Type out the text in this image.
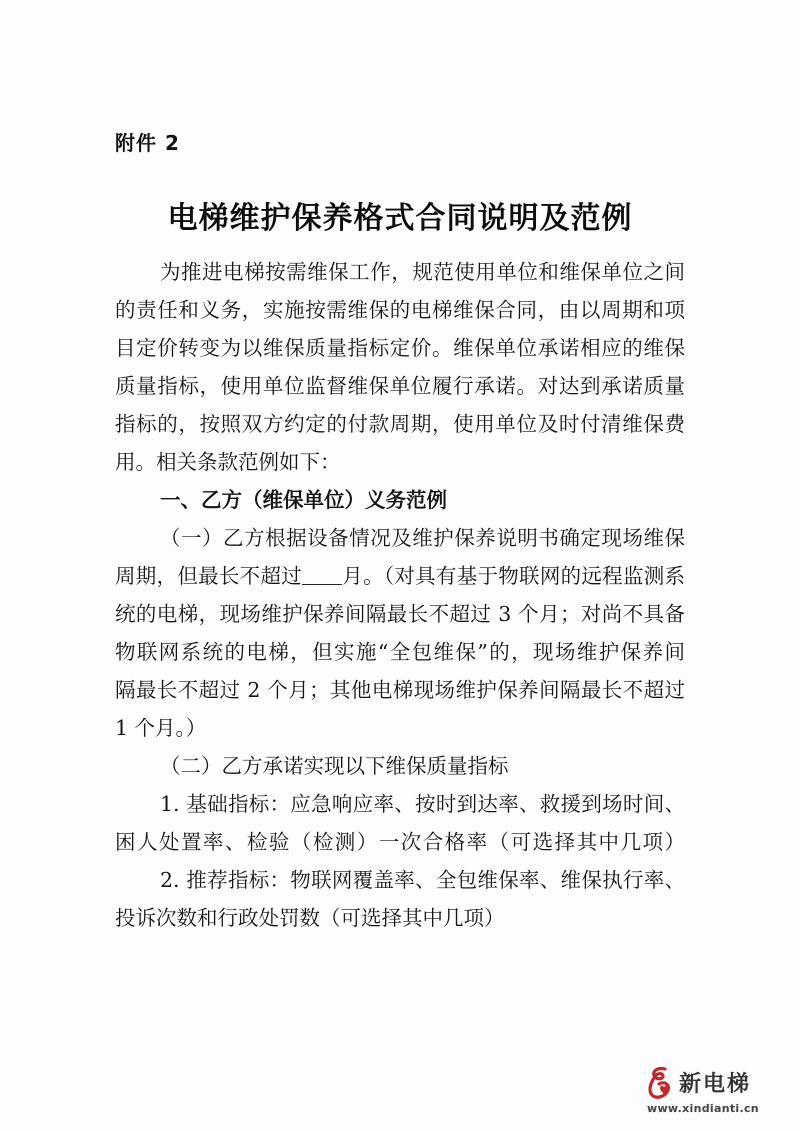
附件 2
电梯维护保养格式合同说明及范例
为推进电梯按需维保工作，规范使用单位和维保单位之间
的责任和义务，实施按需维保的电梯维保合同，由以周期和项
目定价转变为以维保质量指标定价。维保单位承诺相应的维保
质量指标，使用单位监督维保单位履行承诺。对达到承诺质量
指标的，按照双方约定的付款周期，使用单位及时付清维保费
用。相关条款范例如下：
一、乙方（维保单位）义务范例
（一）乙方根据设备情况及维护保养说明书确定现场维保
周期，但最长不超过 月。（对具有基于物联网的远程监测系
统的电梯，现场维护保养间隔最长不超过 3 个月；对尚不具备
物联网系统的电梯，但实施“全包维保”的，现场维护保养间
隔最长不超过 2 个月；其他电梯现场维护保养间隔最长不超过
1 个月。）
（二）乙方承诺实现以下维保质量指标
1. 基础指标：应急响应率、按时到达率、救援到场时间、
困人处置率、检验（检测）一次合格率（可选择其中几项）
2. 推荐指标：物联网覆盖率、全包维保率、维保执行率、
投诉次数和行政处罚数（可选择其中几项）
新电梯
www.xindianti.cn
